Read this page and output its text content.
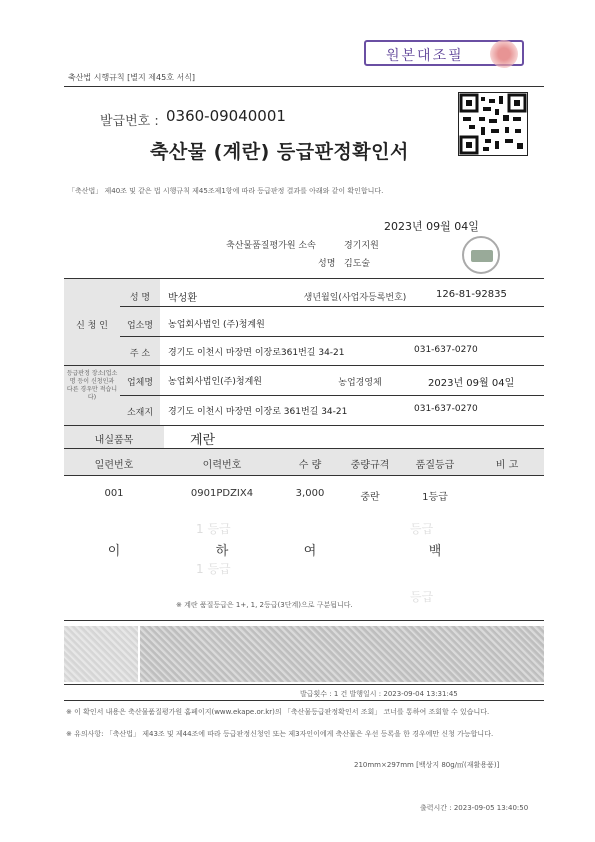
원본대조필
축산법 시행규칙 [별지 제45호 서식]
발급번호 : 0360-09040001
축산물 (계란) 등급판정확인서
「축산법」 제40조 및 같은 법 시행규칙 제45조제1항에 따라 등급판정 결과를 아래와 같이 확인합니다.
2023년 09월 04일
축산물품질평가원 소속	경기지원
성명 김도술
신 청 인
성 명	박성환	생년월일(사업자등록번호)	126-81-92835
업소명	농업회사법인 (주)청계원
주 소	경기도 이천시 마장면 이장로361번길 34-21	031-637-0270
등급판정 장소(업소명 등이 신청인과 다른 경우만 적습니다)
업체명	농업회사법인(주)청계원	농업경영체	2023년 09월 04일
소재지	경기도 이천시 마장면 이장로 361번길 34-21	031-637-0270
내실품목	계란
일련번호	이력번호	수 량	중량규격	품질등급	비 고
001	0901PDZIX4	3,000	중란	1등급
이	하	여	백
1 등급
1 등급
등급
등급
※ 계란 품질등급은 1+, 1, 2등급(3단계)으로 구분됩니다.
발급횟수 : 1 건 발행일시 : 2023-09-04 13:31:45
※ 이 확인서 내용은 축산물품질평가원 홈페이지(www.ekape.or.kr)의 「축산물등급판정확인서 조회」 코너를 통하여 조회할 수 있습니다.
※ 유의사항: 「축산법」 제43조 및 제44조에 따라 등급판정신청인 또는 제3자인이에게 축산물은 우선 등록을 한 경우에만 신청 가능합니다.
210mm×297mm [백상지 80g/㎡(재활용품)]
출력시간 : 2023-09-05 13:40:50
